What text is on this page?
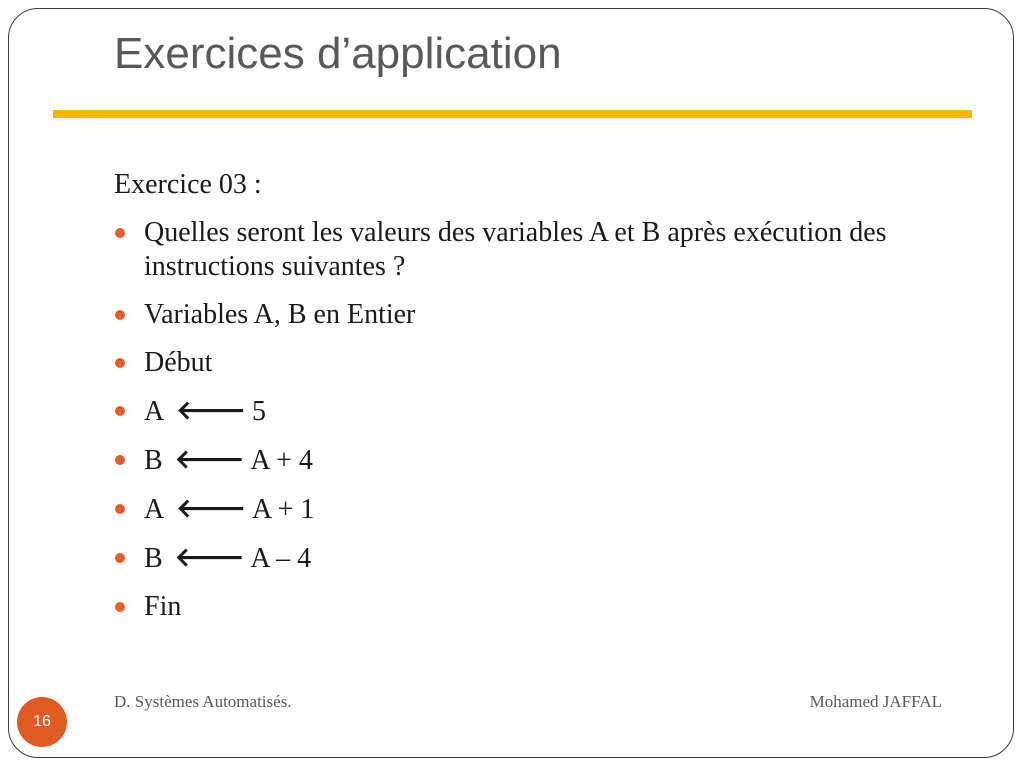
Exercices d’application
Exercice 03 :
Quelles seront les valeurs des variables A et B après exécution des instructions suivantes ?
Variables A, B en Entier
Début
A 🡐 5
B 🡐 A + 4
A 🡐 A + 1
B 🡐 A – 4
Fin
D. Systèmes Automatisés.	Mohamed JAFFAL
16
